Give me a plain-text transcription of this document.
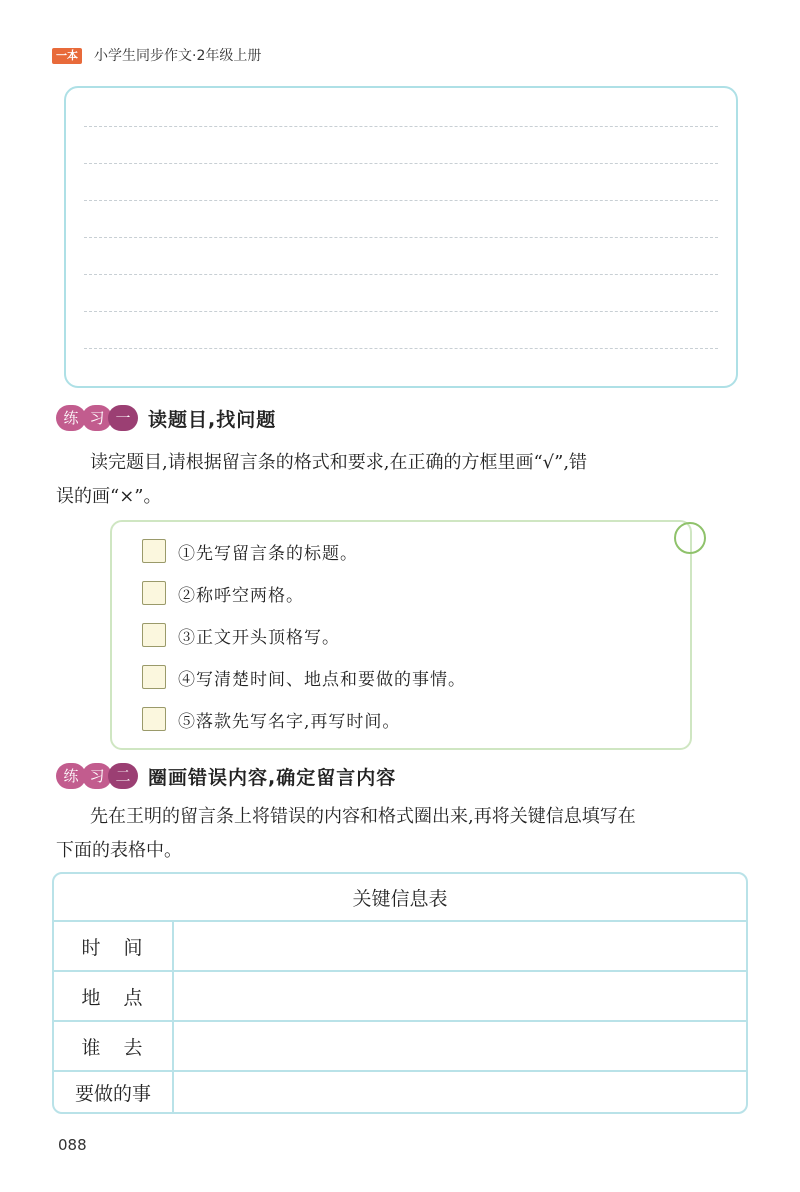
一本 小学生同步作文·2年级上册
练 习 一 读题目,找问题
读完题目,请根据留言条的格式和要求,在正确的方框里画“√”,错
误的画“×”。
①先写留言条的标题。
②称呼空两格。
③正文开头顶格写。
④写清楚时间、地点和要做的事情。
⑤落款先写名字,再写时间。
练 习 二 圈画错误内容,确定留言内容
先在王明的留言条上将错误的内容和格式圈出来,再将关键信息填写在
下面的表格中。
关键信息表
时　间
地　点
谁　去
要做的事
088
